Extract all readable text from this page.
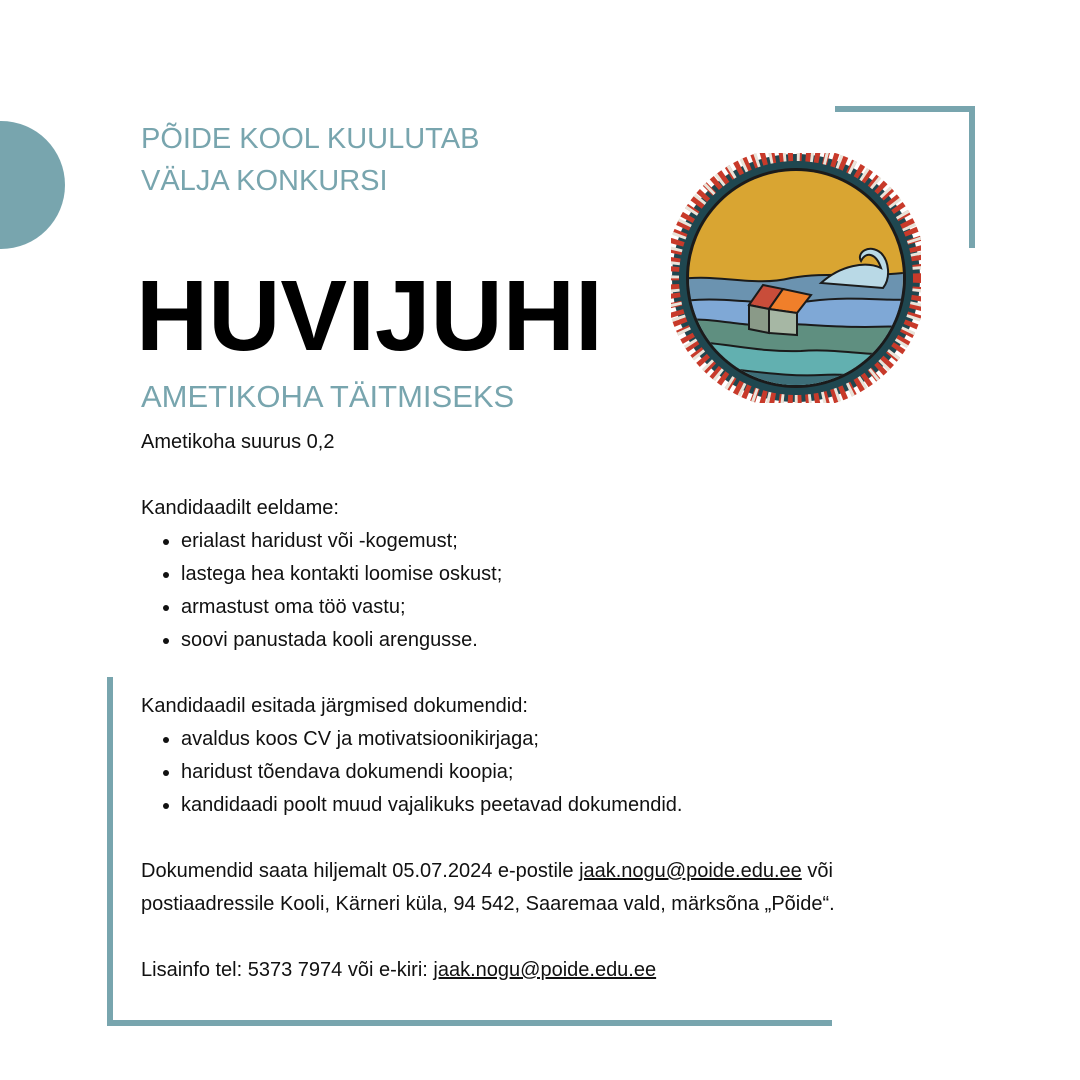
PÕIDE KOOL KUULUTAB
VÄLJA KONKURSI
HUVIJUHI
AMETIKOHA TÄITMISEKS

Ametikoha suurus 0,2

Kandidaadilt eeldame:

• erialast haridust või -kogemust;
• lastega hea kontakti loomise oskust;
• armastust oma töö vastu;
• soovi panustada kooli arengusse.

Kandidaadil esitada järgmised dokumendid:

• avaldus koos CV ja motivatsioonikirjaga;
• haridust tõendava dokumendi koopia;
• kandidaadi poolt muud vajalikuks peetavad dokumendid.

Dokumendid saata hiljemalt 05.07.2024 e-postile jaak.nogu@poide.edu.ee või
postiaadressile Kooli, Kärneri küla, 94 542, Saaremaa vald, märksõna „Põide“.

Lisainfo tel: 5373 7974 või e-kiri: jaak.nogu@poide.edu.ee
